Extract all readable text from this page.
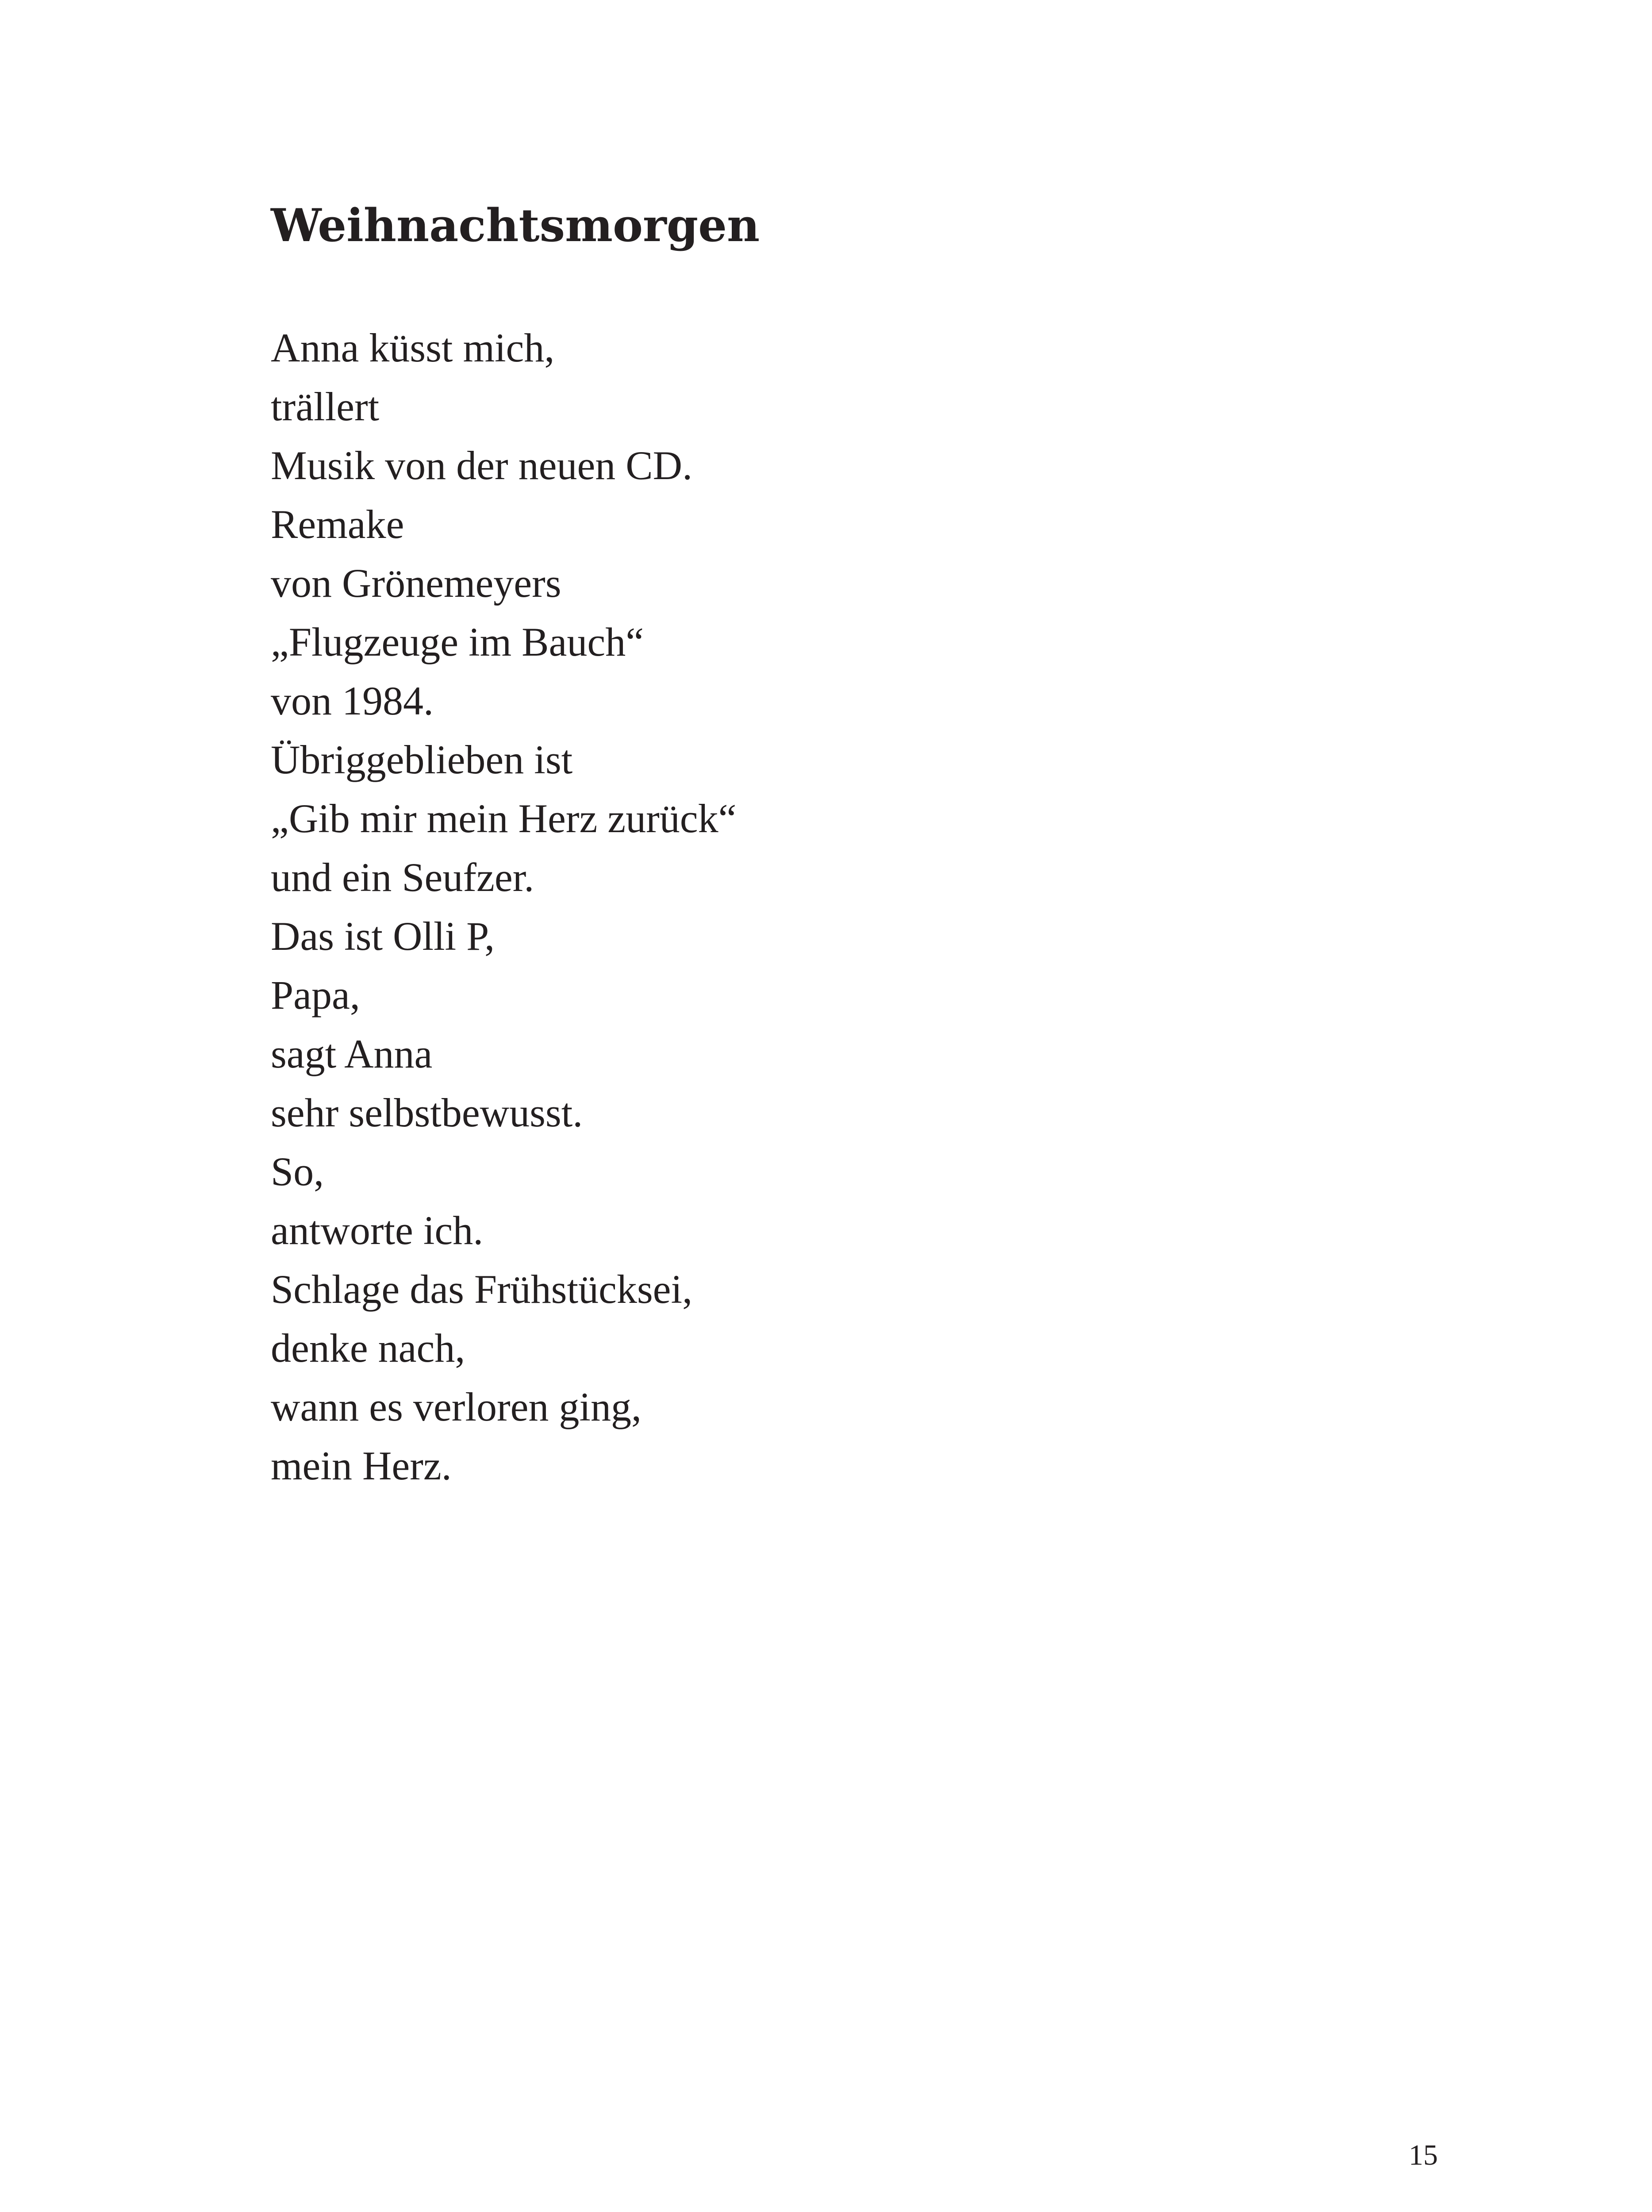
Weihnachtsmorgen
Anna küsst mich,
trällert
Musik von der neuen CD.
Remake
von Grönemeyers
„Flugzeuge im Bauch“
von 1984.
Übriggeblieben ist
„Gib mir mein Herz zurück“
und ein Seufzer.
Das ist Olli P,
Papa,
sagt Anna
sehr selbstbewusst.
So,
antworte ich.
Schlage das Frühstücksei,
denke nach,
wann es verloren ging,
mein Herz.
15
